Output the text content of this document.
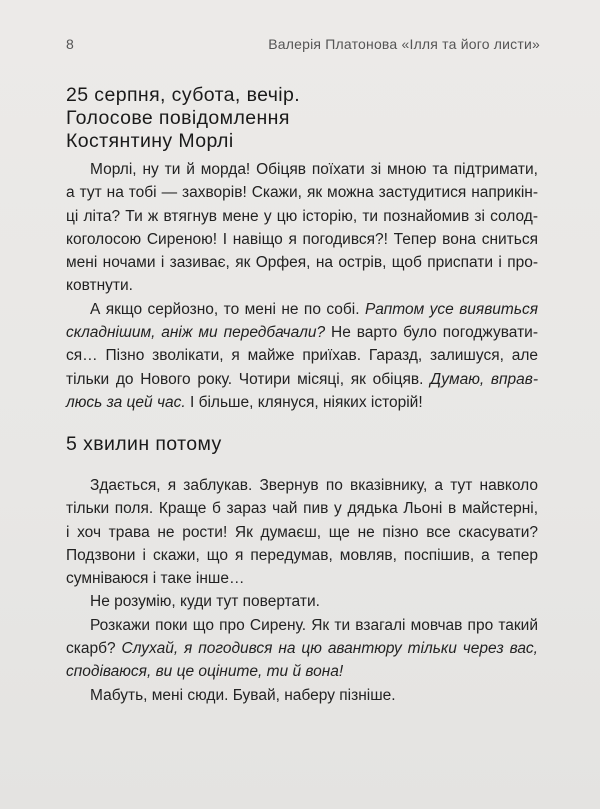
8	Валерія Платонова «Ілля та його листи»
25 серпня, субота, вечір.
Голосове повідомлення
Костянтину Морлі
Морлі, ну ти й морда! Обіцяв поїхати зі мною та підтримати,
а тут на тобі — захворів! Скажи, як можна застудитися наприкін-
ці літа? Ти ж втягнув мене у цю історію, ти познайомив зі солод-
коголосою Сиреною! І навіщо я погодився?! Тепер вона сниться
мені ночами і зазиває, як Орфея, на острів, щоб приспати і про-
ковтнути.
А якщо серйозно, то мені не по собі. Раптом усе виявиться
складнішим, аніж ми передбачали? Не варто було погоджувати-
ся… Пізно зволікати, я майже приїхав. Гаразд, залишуся, але
тільки до Нового року. Чотири місяці, як обіцяв. Думаю, вправ-
люсь за цей час. І більше, клянуся, ніяких історій!
5 хвилин потому
Здається, я заблукав. Звернув по вказівнику, а тут навколо
тільки поля. Краще б зараз чай пив у дядька Льоні в майстерні,
і хоч трава не рости! Як думаєш, ще не пізно все скасувати?
Подзвони і скажи, що я передумав, мовляв, поспішив, а тепер
сумніваюся і таке інше…
Не розумію, куди тут повертати.
Розкажи поки що про Сирену. Як ти взагалі мовчав про такий
скарб? Слухай, я погодився на цю авантюру тільки через вас,
сподіваюся, ви це оціните, ти й вона!
Мабуть, мені сюди. Бувай, наберу пізніше.
